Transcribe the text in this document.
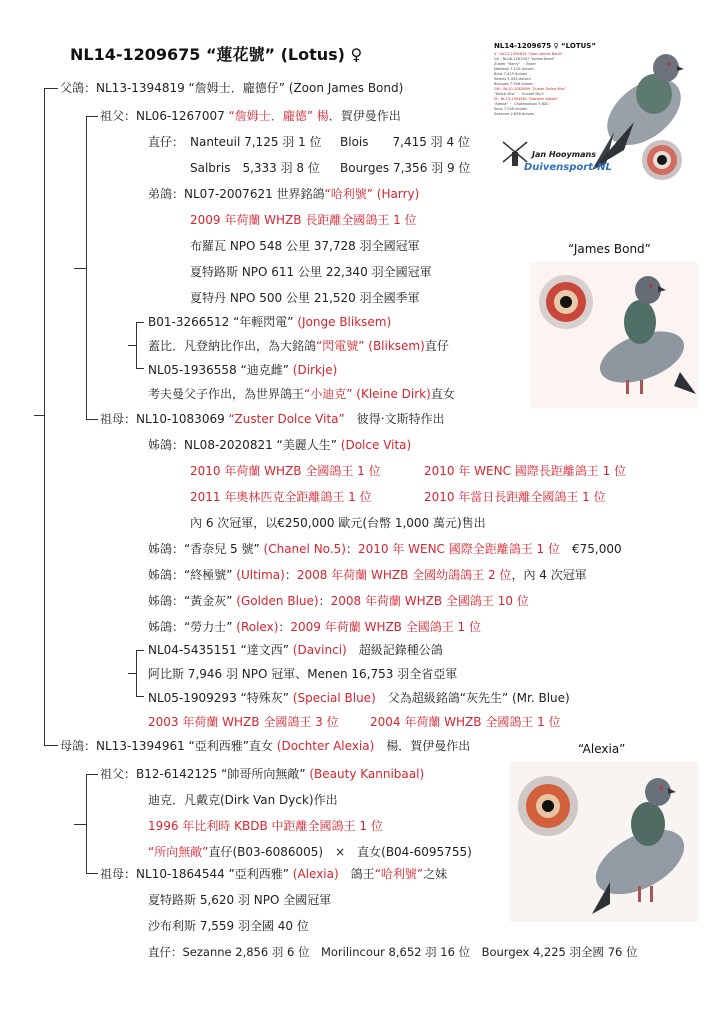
NL14-1209675 “蓮花號” (Lotus) ♀
父鴿：NL13-1394819 “詹姆士．龐德仔” (Zoon James Bond)
祖父：NL06-1267007 “詹姆士．龐德” 楊．賀伊曼作出
直仔： Nanteuil 7,125 羽 1 位 Blois　　7,415 羽 4 位
Salbris　5,333 羽 8 位 Bourges 7,356 羽 9 位
弟鴿：NL07-2007621 世界銘鴿“哈利號” (Harry)
2009 年荷蘭 WHZB 長距離全國鴿王 1 位
布羅瓦 NPO 548 公里 37,728 羽全國冠軍
夏特路斯 NPO 611 公里 22,340 羽全國冠軍
夏特丹 NPO 500 公里 21,520 羽全國季軍
B01-3266512 “年輕閃電” (Jonge Bliksem)
蓋比．凡登納比作出，為大銘鴿“閃電號” (Bliksem)直仔
NL05-1936558 “迪克雌” (Dirkje)
考夫曼父子作出，為世界鴿王“小迪克” (Kleine Dirk)直女
祖母：NL10-1083069 “Zuster Dolce Vita”　彼得‧文斯特作出
姊鴿：NL08-2020821 “美麗人生” (Dolce Vita)
2010 年荷蘭 WHZB 全國鴿王 1 位	2010 年 WENC 國際長距離鴿王 1 位
2011 年奧林匹克全距離鴿王 1 位	2010 年當日長距離全國鴿王 1 位
內 6 次冠軍，以€250,000 歐元(台幣 1,000 萬元)售出
姊鴿：“香奈兒 5 號” (Chanel No.5)：2010 年 WENC 國際全距離鴿王 1 位　 €75,000
姊鴿：“終極號” (Ultima)：2008 年荷蘭 WHZB 全國幼鴿鴿王 2 位，內 4 次冠軍
姊鴿：“黃金灰” (Golden Blue)：2008 年荷蘭 WHZB 全國鴿王 10 位
姊鴿：“勞力士” (Rolex)：2009 年荷蘭 WHZB 全國鴿王 1 位
NL04-5435151 “達文西” (Davinci)　超級記錄種公鴿
阿比斯 7,946 羽 NPO 冠軍、Menen 16,753 羽全省亞軍
NL05-1909293 “特殊灰” (Special Blue)　父為超級銘鴿“灰先生” (Mr. Blue)
2003 年荷蘭 WHZB 全國鴿王 3 位	2004 年荷蘭 WHZB 全國鴿王 1 位
母鴿：NL13-1394961 “亞利西雅”直女 (Dochter Alexia)　楊．賀伊曼作出
祖父：B12-6142125 “帥哥所向無敵” (Beauty Kannibaal)
迪克．凡戴克(Dirk Van Dyck)作出
1996 年比利時 KBDB 中距離全國鴿王 1 位
“所向無敵”直仔(B03-6086005)　×　直女(B04-6095755)
祖母：NL10-1864544 ”亞利西雅” (Alexia)　鴿王“哈利號”之妹
夏特路斯 5,620 羽 NPO 全國冠軍
沙布利斯 7,559 羽全國 40 位
直仔：Sezanne 2,856 羽 6 位　Morilincour 8,652 羽 16 位　Bourgex 4,225 羽全國 76 位
NL14-1209675 ♀ “LOTUS”
V : NL13-1394819 “Zoon James Bond”
GV : NL06-1267007 “James Bond”
Zuster “Harry” ・ Broer
Nanteuil 7.125 duiven
Blois 7.415 duiven
Salbris 5.333 duiven
Bourges 7.356 duiven
GM : NL10-1083069 “Zuster Dolce Vita”
“Dolce Vita” ・ Chanel No.5
M : NL13-1394961 “Dochter Alexia”
“Alexia” ・ Chateauroux 5.620
Sens 7.559 duiven
Sezanne 2.856 duiven
Jan Hooymans
Duivensport-NL
“James Bond”
“Alexia”
